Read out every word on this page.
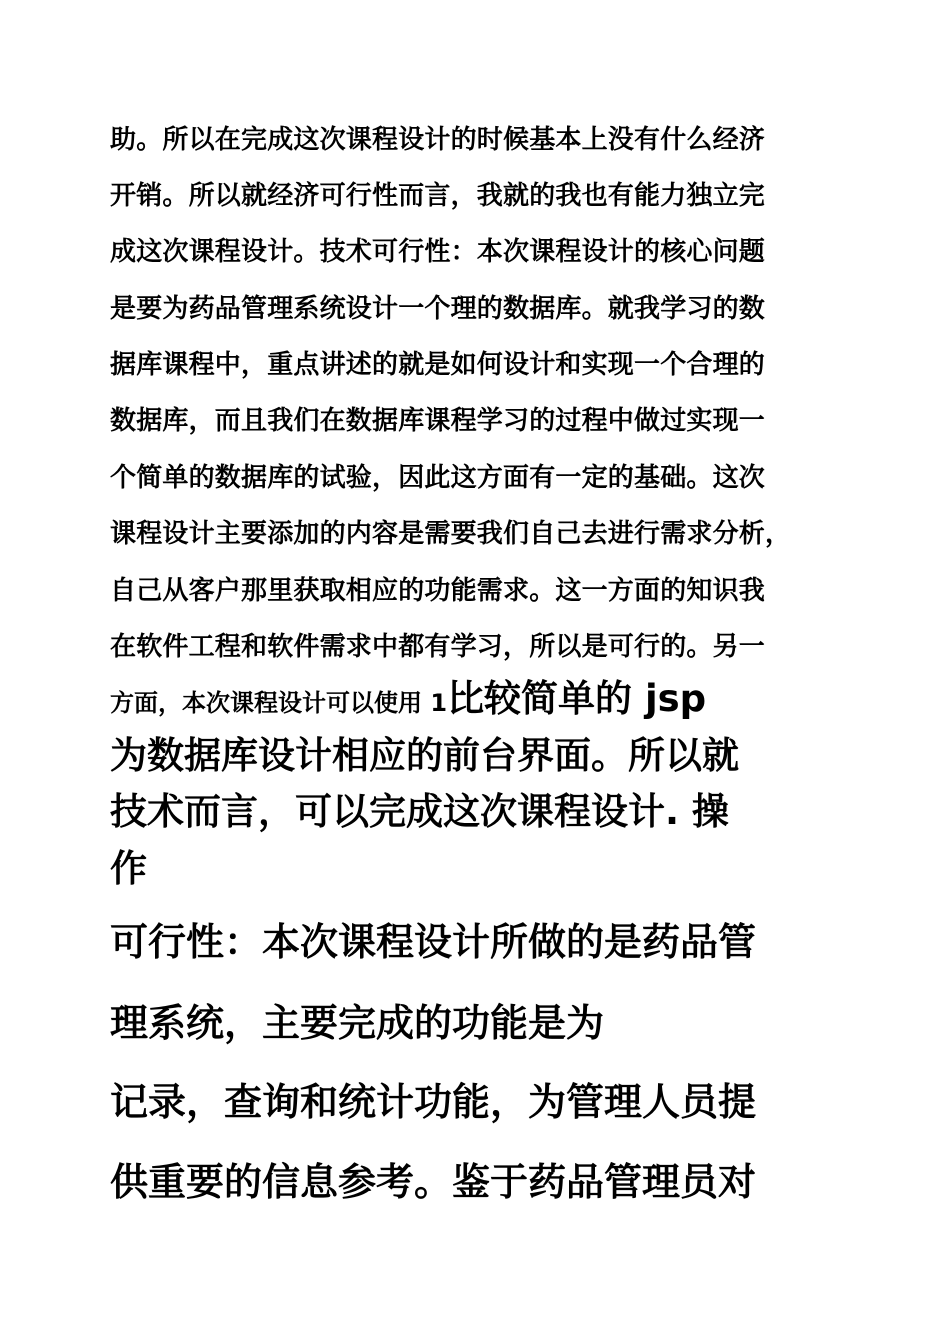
助。所以在完成这次课程设计的时候基本上没有什么经济
开销。所以就经济可行性而言，我就的我也有能力独立完
成这次课程设计。技术可行性：本次课程设计的核心问题
是要为药品管理系统设计一个理的数据库。就我学习的数
据库课程中，重点讲述的就是如何设计和实现一个合理的
数据库，而且我们在数据库课程学习的过程中做过实现一
个简单的数据库的试验，因此这方面有一定的基础。这次
课程设计主要添加的内容是需要我们自己去进行需求分析，
自己从客户那里获取相应的功能需求。这一方面的知识我
在软件工程和软件需求中都有学习，所以是可行的。另一
方面，本次课程设计可以使用 1比较简单的 jsp
为数据库设计相应的前台界面。所以就
技术而言，可以完成这次课程设计. 操
作
可行性：本次课程设计所做的是药品管
理系统，主要完成的功能是为
记录，查询和统计功能，为管理人员提
供重要的信息参考。鉴于药品管理员对
